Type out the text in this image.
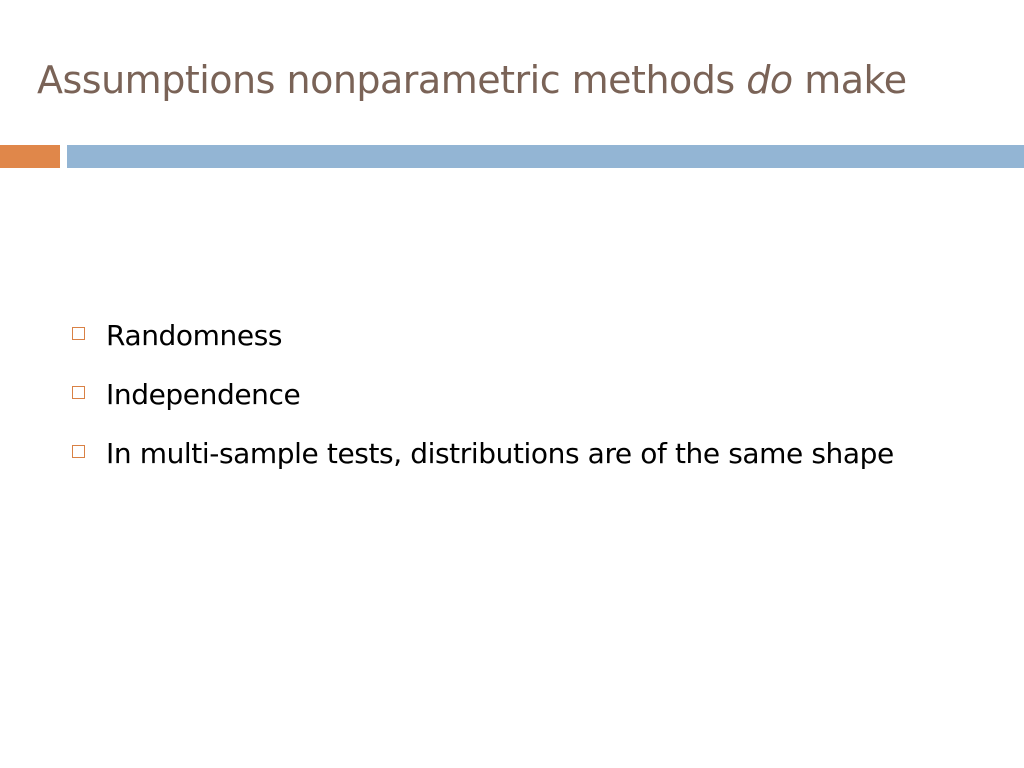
Assumptions nonparametric methods do make
Randomness
Independence
In multi-sample tests, distributions are of the same shape
